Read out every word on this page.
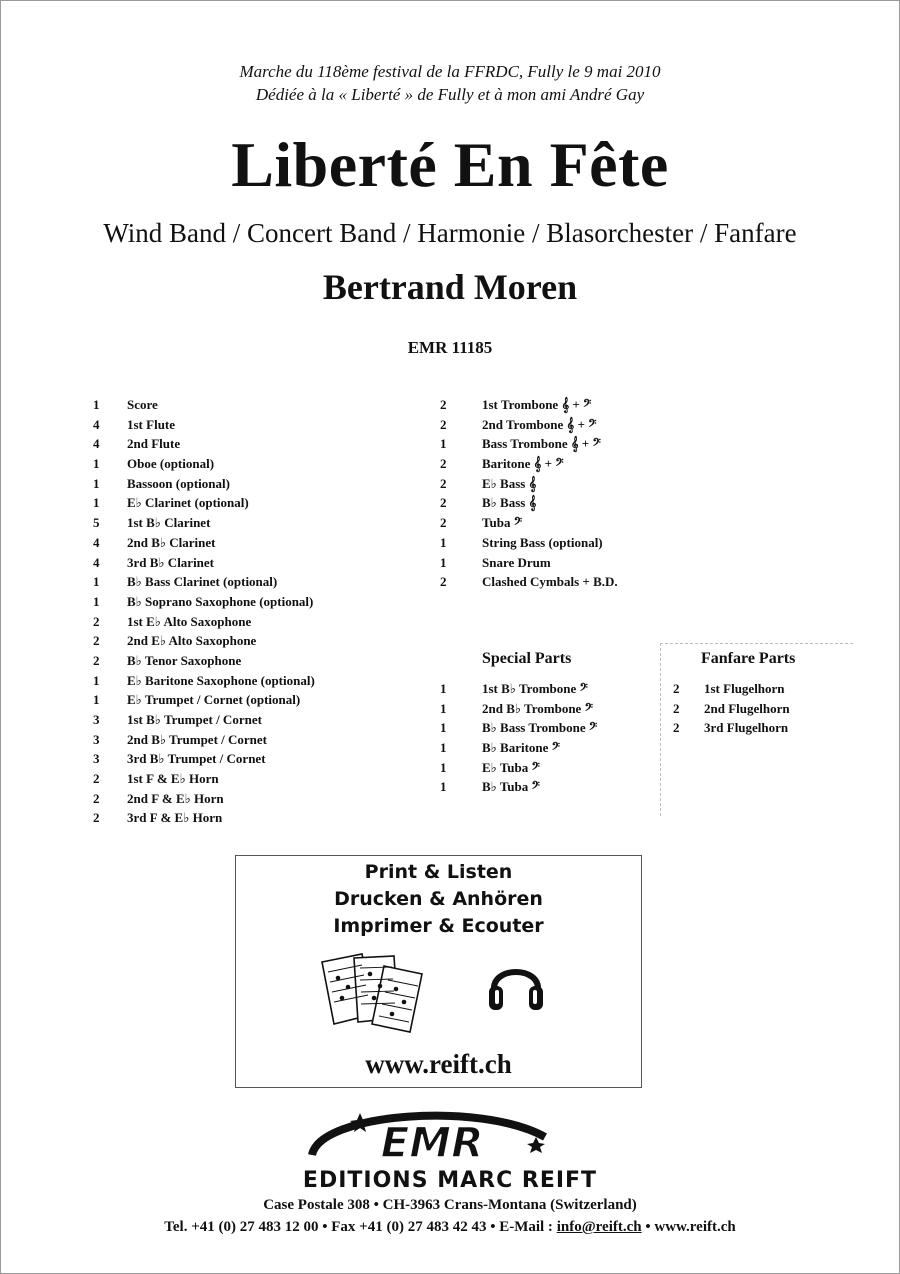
Marche du 118ème festival de la FFRDC, Fully le 9 mai 2010
Dédiée à la « Liberté » de Fully et à mon ami André Gay
Liberté En Fête
Wind Band / Concert Band / Harmonie / Blasorchester / Fanfare
Bertrand Moren
EMR 11185
1 Score
4 1st Flute
4 2nd Flute
1 Oboe (optional)
1 Bassoon (optional)
1 E♭ Clarinet (optional)
5 1st B♭ Clarinet
4 2nd B♭ Clarinet
4 3rd B♭ Clarinet
1 B♭ Bass Clarinet (optional)
1 B♭ Soprano Saxophone (optional)
2 1st E♭ Alto Saxophone
2 2nd E♭ Alto Saxophone
2 B♭ Tenor Saxophone
1 E♭ Baritone Saxophone (optional)
1 E♭ Trumpet / Cornet (optional)
3 1st B♭ Trumpet / Cornet
3 2nd B♭ Trumpet / Cornet
3 3rd B♭ Trumpet / Cornet
2 1st F & E♭ Horn
2 2nd F & E♭ Horn
2 3rd F & E♭ Horn
2	1st Trombone 𝄞 + 𝄢
2	2nd Trombone 𝄞 + 𝄢
1	Bass Trombone 𝄞 + 𝄢
2	Baritone 𝄞 + 𝄢
2	E♭ Bass 𝄞
2	B♭ Bass 𝄞
2	Tuba 𝄢
1	String Bass (optional)
1	Snare Drum
2	Clashed Cymbals + B.D.
Special Parts
1	1st B♭ Trombone 𝄢
1	2nd B♭ Trombone 𝄢
1	B♭ Bass Trombone 𝄢
1	B♭ Baritone 𝄢
1	E♭ Tuba 𝄢
1	B♭ Tuba 𝄢
Fanfare Parts
2 1st Flugelhorn
2 2nd Flugelhorn
2 3rd Flugelhorn
Print & Listen
Drucken & Anhören
Imprimer & Ecouter
www.reift.ch
EMR
EDITIONS MARC REIFT
Case Postale 308 • CH-3963 Crans-Montana (Switzerland)
Tel. +41 (0) 27 483 12 00 • Fax +41 (0) 27 483 42 43 • E-Mail : info@reift.ch • www.reift.ch
